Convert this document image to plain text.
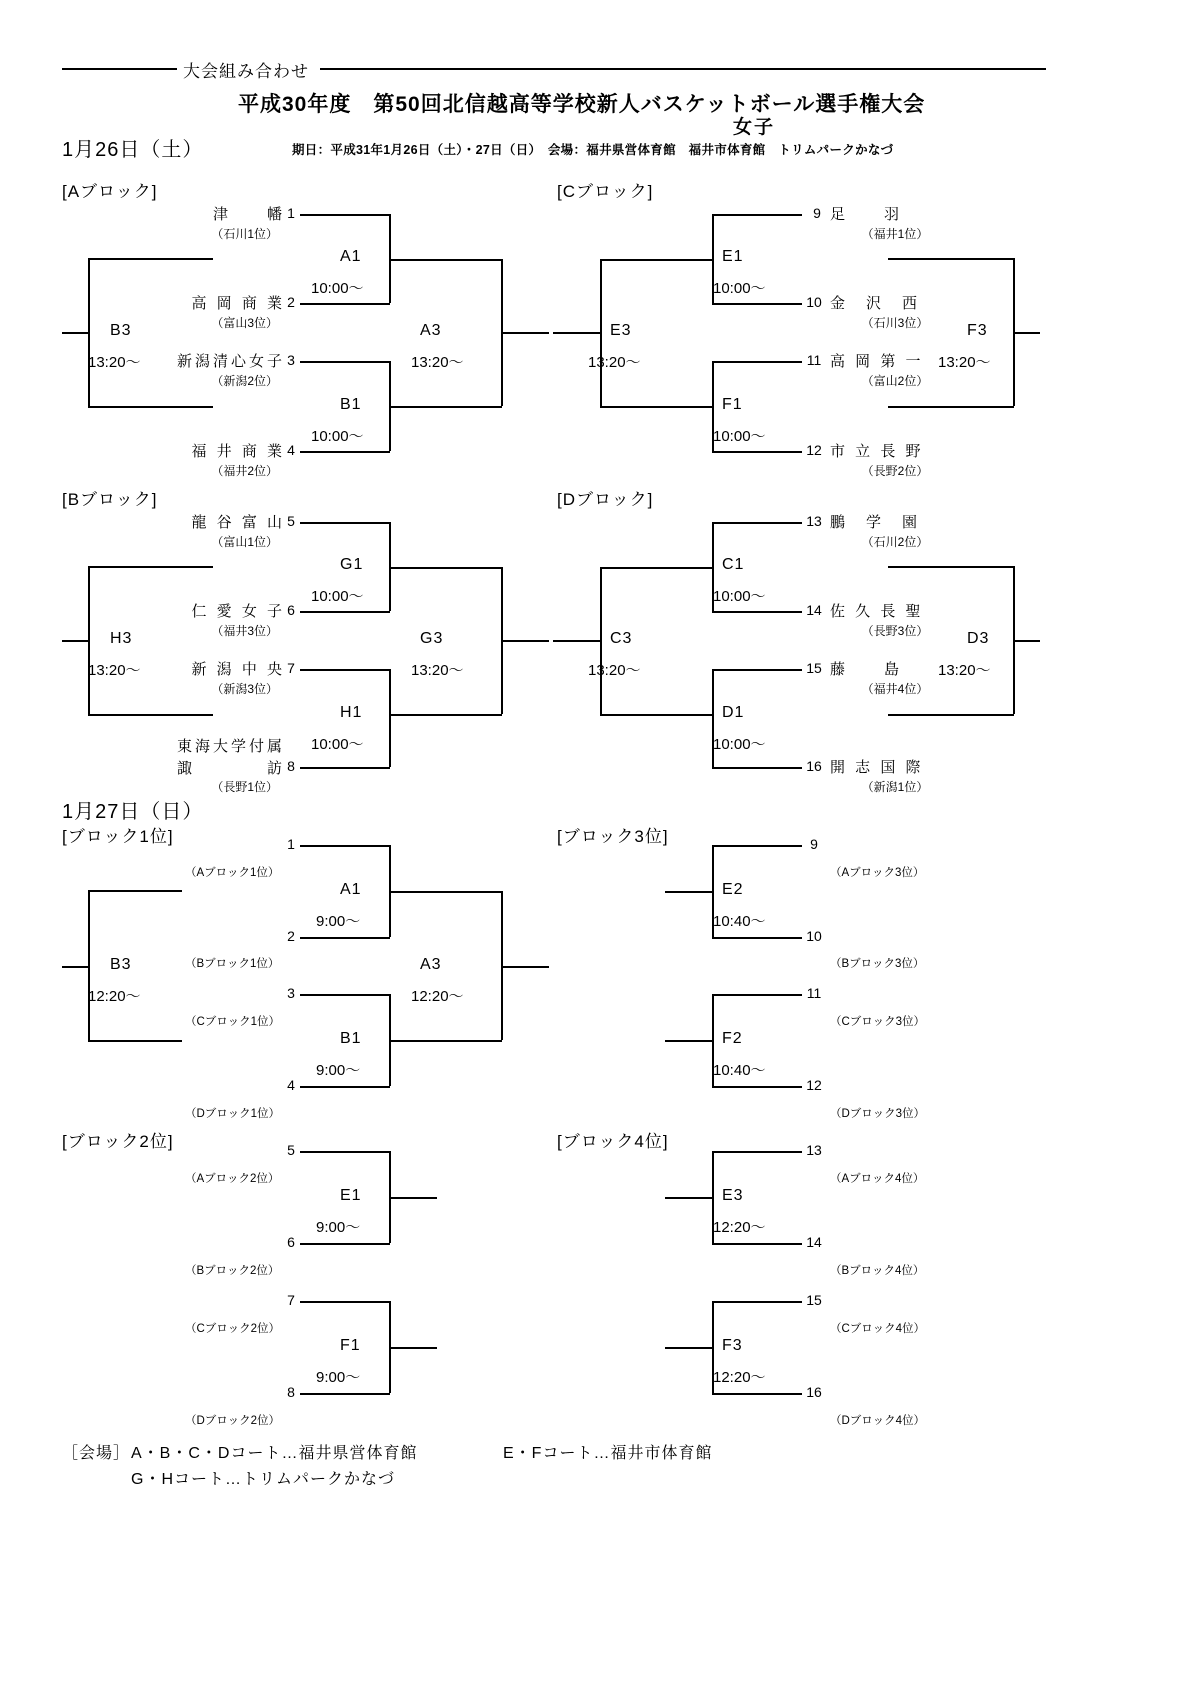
大会組み合わせ
平成30年度　第50回北信越高等学校新人バスケットボール選手権大会
女子
1月26日（土）	期日：平成31年1月26日（土）・27日（日）　会場：福井県営体育館　福井市体育館　トリムパークかなづ
[Aブロック]
津　　幡
（石川1位）
1
高 岡 商 業
（富山3位）
2
新潟清心女子
（新潟2位）
3
福 井 商 業
（福井2位）
4
A1
10:00〜
B1
10:00〜
A3
13:20〜
B3
13:20〜
[Bブロック]
龍 谷 富 山
（富山1位）
5
仁 愛 女 子
（福井3位）
6
新 潟 中 央
（新潟3位）
7
東海大学付属
諏　　　　訪
（長野1位）
8
G1
10:00〜
H1
10:00〜
G3
13:20〜
H3
13:20〜
[Cブロック]
9 足　　羽
（福井1位）
10 金　沢　西
（石川3位）
11 高 岡 第 一
（富山2位）
12 市 立 長 野
（長野2位）
E1
10:00〜
F1
10:00〜
E3
13:20〜
F3
13:20〜
[Dブロック]
13 鵬　学　園
（石川2位）
14 佐 久 長 聖
（長野3位）
15 藤　　島
（福井4位）
16 開 志 国 際
（新潟1位）
C1
10:00〜
D1
10:00〜
C3
13:20〜
D3
13:20〜
1月27日（日）
[ブロック1位]	1
（Aブロック1位）
2
（Bブロック1位）
3
（Cブロック1位）
4
（Dブロック1位）
A1
9:00〜
B1
9:00〜
A3
12:20〜
B3
12:20〜
[ブロック2位]	5
（Aブロック2位）
6
（Bブロック2位）
7
（Cブロック2位）
8
（Dブロック2位）
E1
9:00〜
F1
9:00〜
[ブロック3位]	9
（Aブロック3位）
10
（Bブロック3位）
11
（Cブロック3位）
12
（Dブロック3位）
E2
10:40〜
F2
10:40〜
[ブロック4位]	13
（Aブロック4位）
14
（Bブロック4位）
15
（Cブロック4位）
16
（Dブロック4位）
E3
12:20〜
F3
12:20〜
［会場］ A・B・C・Dコート…福井県営体育館	E・Fコート…福井市体育館
G・Hコート…トリムパークかなづ
